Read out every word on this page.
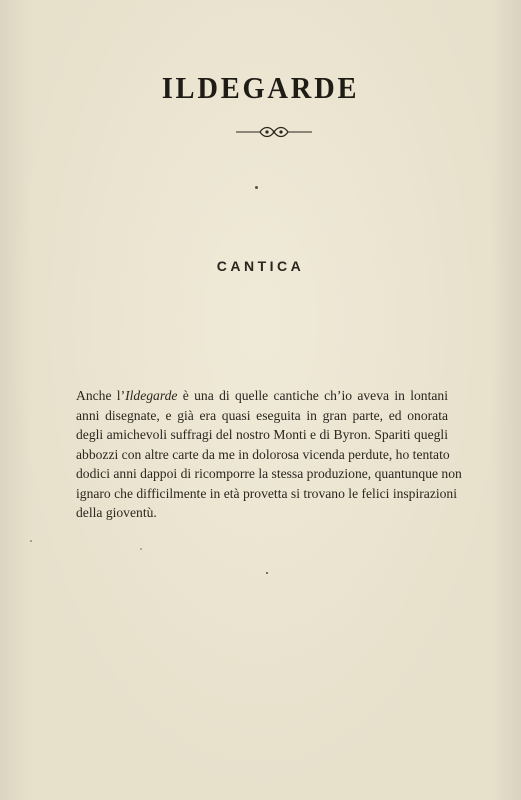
ILDEGARDE
CANTICA
Anche l’Ildegarde è una di quelle cantiche ch’io aveva in lontani
anni disegnate, e già era quasi eseguita in gran parte, ed onorata
degli amichevoli suffragi del nostro Monti e di Byron. Spariti quegli
abbozzi con altre carte da me in dolorosa vicenda perdute, ho tentato
dodici anni dappoi di ricomporre la stessa produzione, quantunque non
ignaro che difficilmente in età provetta si trovano le felici inspirazioni
della gioventù.
